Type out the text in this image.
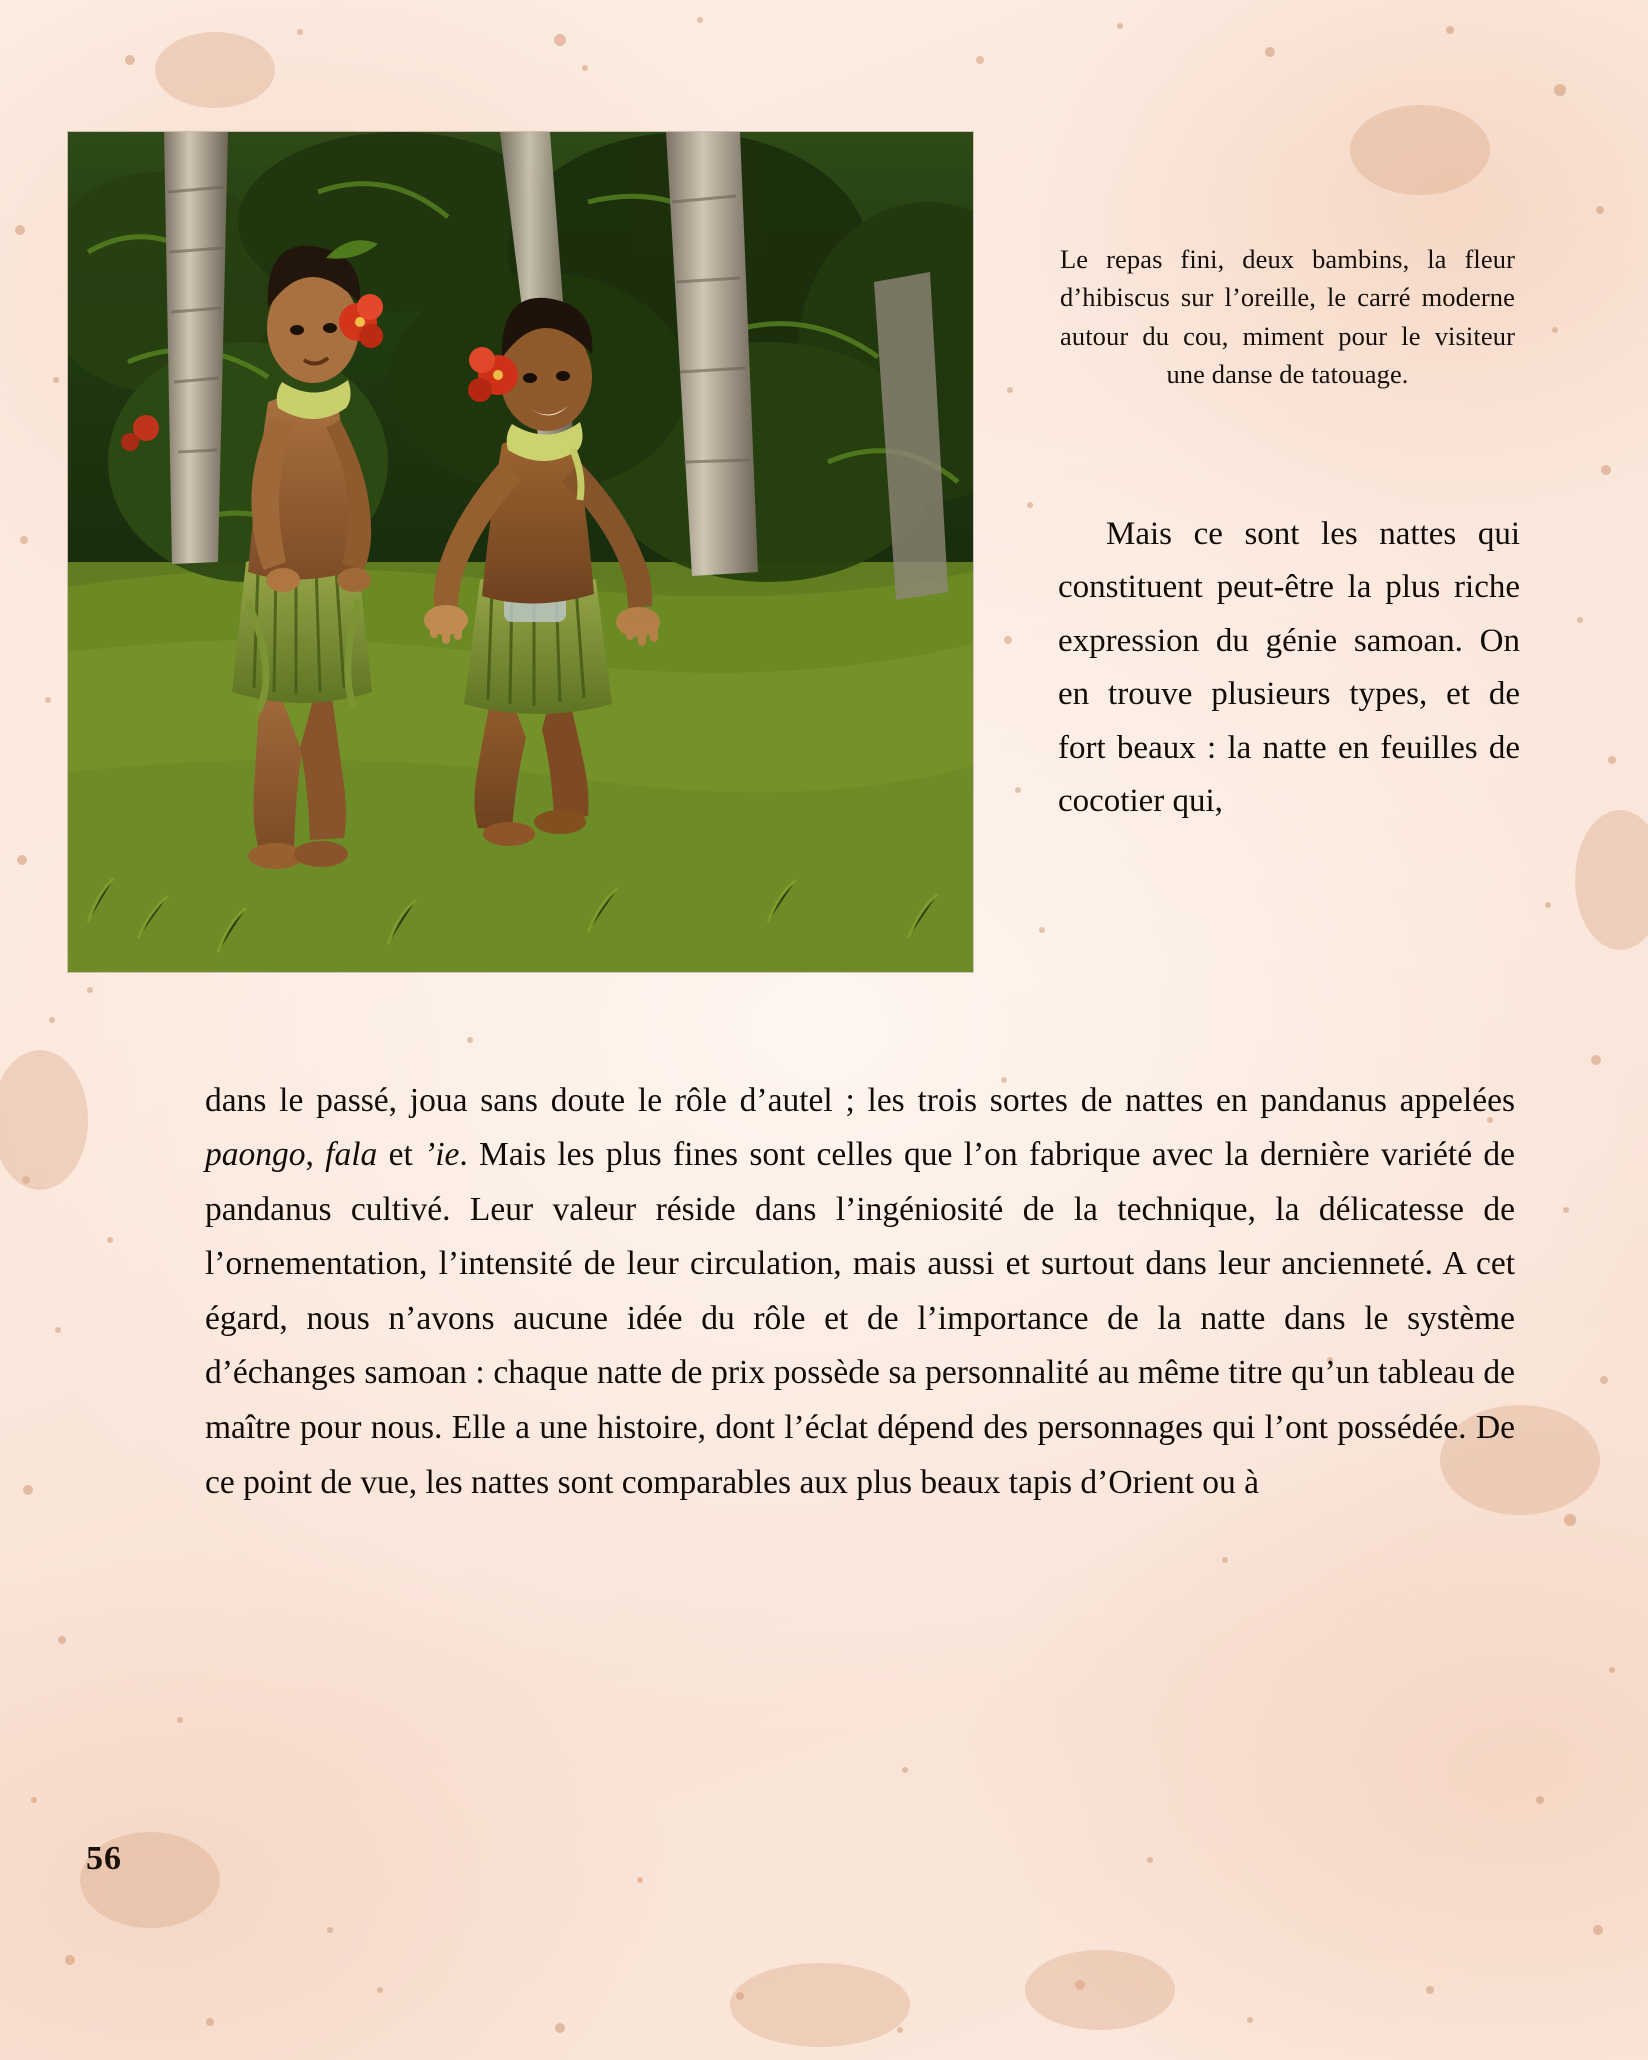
Le repas fini, deux bambins, la fleur d’hibiscus sur l’oreille, le carré moderne autour du cou, miment pour le visiteur une danse de tatouage.
Mais ce sont les nattes qui constituent peut-être la plus riche expression du génie samoan. On en trouve plusieurs types, et de fort beaux : la natte en feuilles de cocotier qui,

dans le passé, joua sans doute le rôle d’autel ; les trois sortes de nattes en pandanus appelées paongo, fala et ’ie. Mais les plus fines sont celles que l’on fabrique avec la dernière variété de pandanus cultivé. Leur valeur réside dans l’ingéniosité de la technique, la délicatesse de l’ornementation, l’intensité de leur circulation, mais aussi et surtout dans leur ancienneté. A cet égard, nous n’avons aucune idée du rôle et de l’importance de la natte dans le système d’échanges samoan : chaque natte de prix possède sa personnalité au même titre qu’un tableau de maître pour nous. Elle a une histoire, dont l’éclat dépend des personnages qui l’ont possédée. De ce point de vue, les nattes sont comparables aux plus beaux tapis d’Orient ou à

56
